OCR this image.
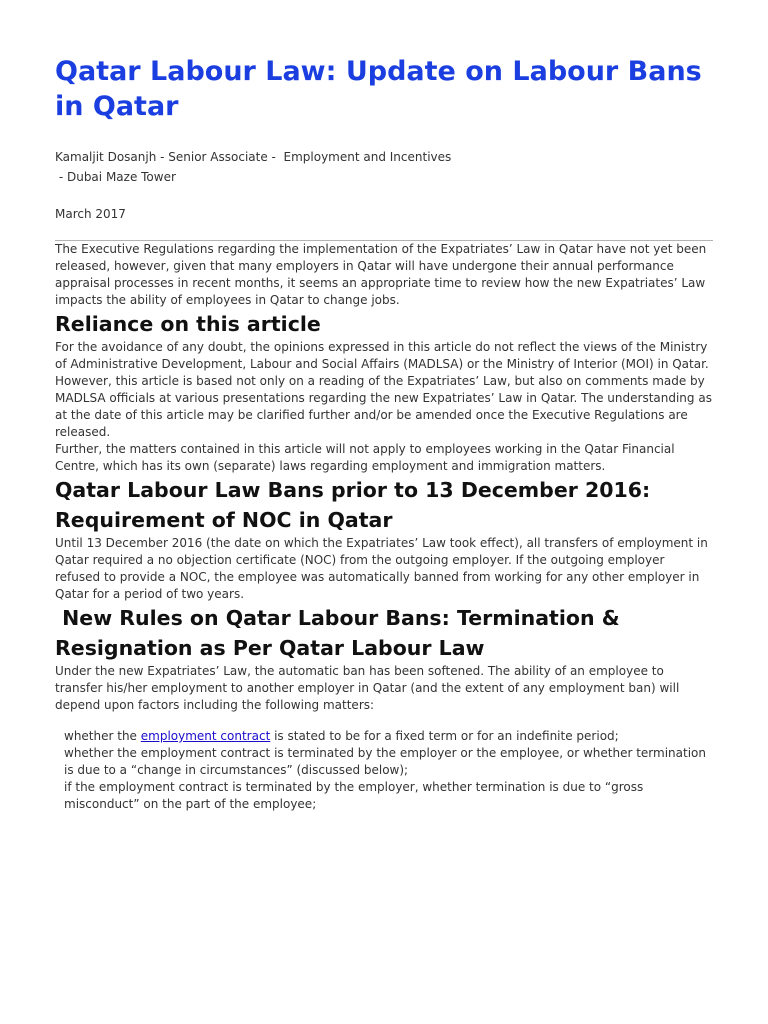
Qatar Labour Law: Update on Labour Bans in Qatar
Kamaljit Dosanjh - Senior Associate -  Employment and Incentives
- Dubai Maze Tower
March 2017

The Executive Regulations regarding the implementation of the Expatriates’ Law in Qatar have not yet been released, however, given that many employers in Qatar will have undergone their annual performance appraisal processes in recent months, it seems an appropriate time to review how the new Expatriates’ Law impacts the ability of employees in Qatar to change jobs.

Reliance on this article

For the avoidance of any doubt, the opinions expressed in this article do not reflect the views of the Ministry of Administrative Development, Labour and Social Affairs (MADLSA) or the Ministry of Interior (MOI) in Qatar. However, this article is based not only on a reading of the Expatriates’ Law, but also on comments made by MADLSA officials at various presentations regarding the new Expatriates’ Law in Qatar. The understanding as at the date of this article may be clarified further and/or be amended once the Executive Regulations are released.

Further, the matters contained in this article will not apply to employees working in the Qatar Financial Centre, which has its own (separate) laws regarding employment and immigration matters.

Qatar Labour Law Bans prior to 13 December 2016: Requirement of NOC in Qatar

Until 13 December 2016 (the date on which the Expatriates’ Law took effect), all transfers of employment in Qatar required a no objection certificate (NOC) from the outgoing employer. If the outgoing employer refused to provide a NOC, the employee was automatically banned from working for any other employer in Qatar for a period of two years.

New Rules on Qatar Labour Bans: Termination & Resignation as Per Qatar Labour Law

Under the new Expatriates’ Law, the automatic ban has been softened. The ability of an employee to transfer his/her employment to another employer in Qatar (and the extent of any employment ban) will depend upon factors including the following matters:

whether the employment contract is stated to be for a fixed term or for an indefinite period;

whether the employment contract is terminated by the employer or the employee, or whether termination is due to a “change in circumstances” (discussed below);

if the employment contract is terminated by the employer, whether termination is due to “gross misconduct” on the part of the employee;
